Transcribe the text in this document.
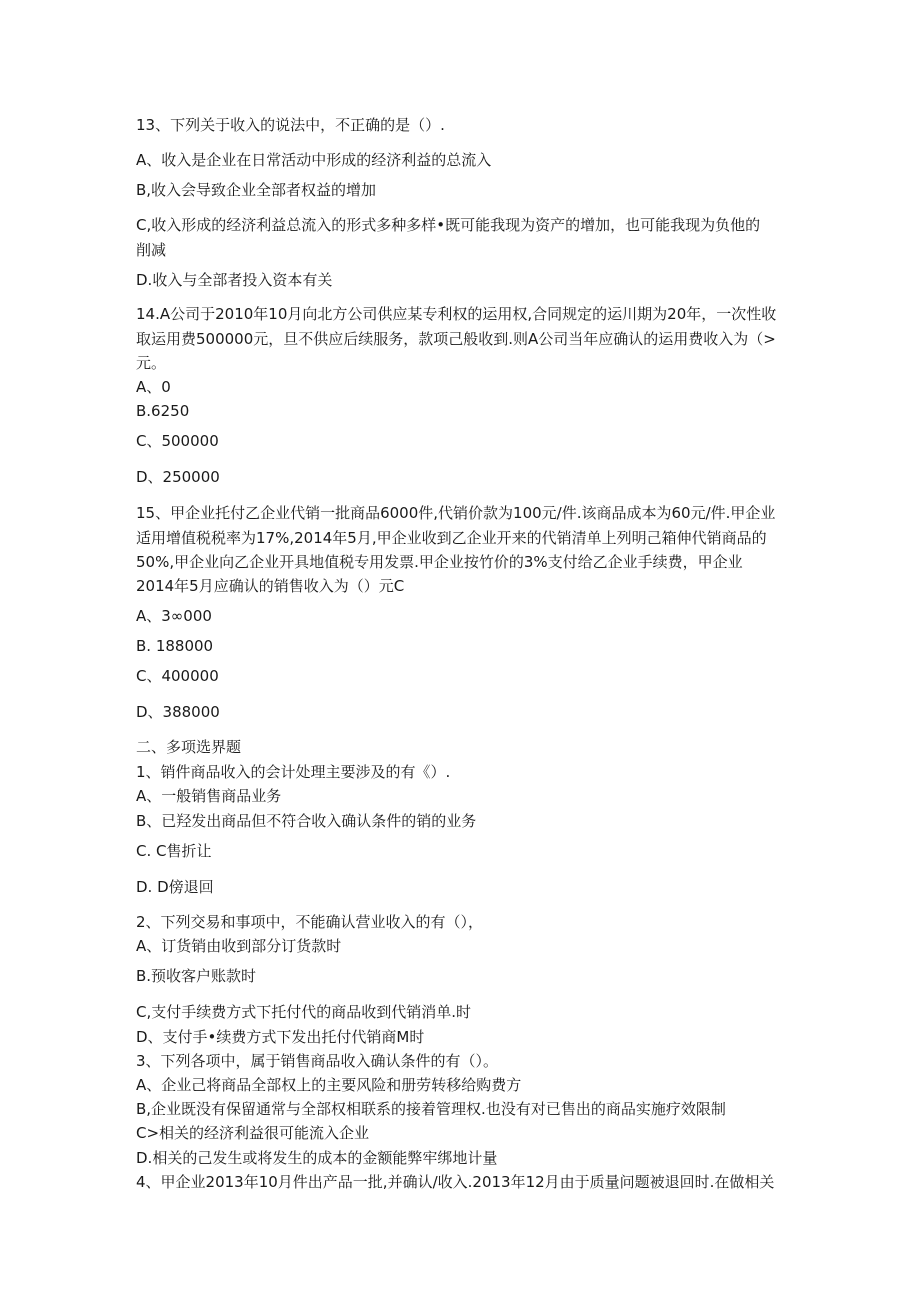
13、下列关于收入的说法中，不正确的是（）.
A、收入是企业在日常活动中形成的经济利益的总流入
B,收入会导致企业全部者权益的增加
C,收入形成的经济利益总流入的形式多种多样•既可能我现为资产的增加，也可能我现为负他的
削减
D.收入与全部者投入资本有关
14.A公司于2010年10月向北方公司供应某专利权的运用权,合同规定的运川期为20年，一次性收
取运用费500000元，旦不供应后续服务，款项己般收到.则A公司当年应确认的运用费收入为（>
元。
A、0
B.6250
C、500000
D、250000
15、甲企业托付乙企业代销一批商品6000件,代销价款为100元/件.该商品成本为60元/件.甲企业
适用增值税税率为17%,2014年5月,甲企业收到乙企业开来的代销清单上列明己箱伸代销商品的
50%,甲企业向乙企业开具地值税专用发票.甲企业按竹价的3%支付给乙企业手续费，甲企业
2014年5月应确认的销售收入为（）元C
A、3∞000
B. 188000
C、400000
D、388000
二、多项选界题
1、销件商品收入的会计处理主要涉及的有《）.
A、一般销售商品业务
B、已羟发出商品但不符合收入确认条件的销的业务
C. C售折让
D. D傍退回
2、下列交易和事项中，不能确认营业收入的有（），
A、订货销由收到部分订货款时
B.预收客户账款时
C,支付手续费方式下托付代的商品收到代销消单.时
D、支付手•续费方式下发出托付代销商M时
3、下列各项中，属于销售商品收入确认条件的有（）。
A、企业己将商品全部权上的主要风险和册劳转移给购费方
B,企业既没有保留通常与全部权相联系的接着管理权.也没有对已售出的商品实施疗效限制
C>相关的经济利益很可能流入企业
D.相关的己发生或将发生的成本的金额能弊牢绑地计量
4、甲企业2013年10月件出产品一批,并确认/收入.2013年12月由于质量问题被退回时.在做相关
